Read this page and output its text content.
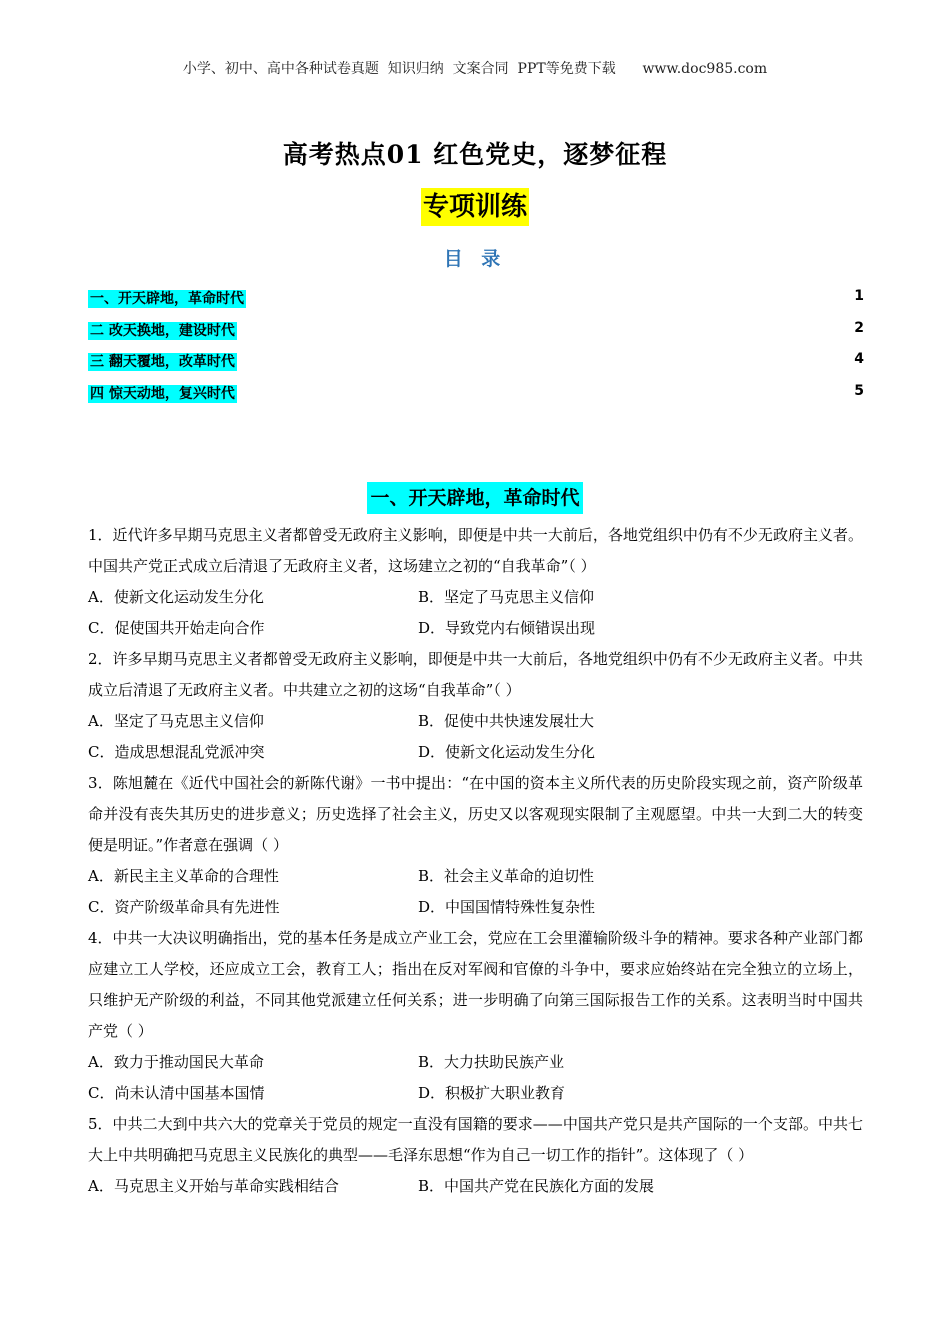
小学、初中、高中各种试卷真题  知识归纳  文案合同  PPT等免费下载      www.doc985.com
高考热点01 红色党史，逐梦征程
专项训练
目 录
一、开天辟地，革命时代	1
二 改天换地，建设时代	2
三 翻天覆地，改革时代	4
四 惊天动地，复兴时代	5
一、开天辟地，革命时代

1．近代许多早期马克思主义者都曾受无政府主义影响，即便是中共一大前后，各地党组织中仍有不少无政府主义者。中国共产党正式成立后清退了无政府主义者，这场建立之初的“自我革命”（ ）

A．使新文化运动发生分化	B．坚定了马克思主义信仰
C．促使国共开始走向合作	D．导致党内右倾错误出现

2．许多早期马克思主义者都曾受无政府主义影响，即便是中共一大前后，各地党组织中仍有不少无政府主义者。中共成立后清退了无政府主义者。中共建立之初的这场“自我革命”（ ）

A．坚定了马克思主义信仰	B．促使中共快速发展壮大
C．造成思想混乱党派冲突	D．使新文化运动发生分化

3．陈旭麓在《近代中国社会的新陈代谢》一书中提出：“在中国的资本主义所代表的历史阶段实现之前，资产阶级革命并没有丧失其历史的进步意义；历史选择了社会主义，历史又以客观现实限制了主观愿望。中共一大到二大的转变便是明证。”作者意在强调（ ）

A．新民主主义革命的合理性	B．社会主义革命的迫切性
C．资产阶级革命具有先进性	D．中国国情特殊性复杂性

4．中共一大决议明确指出，党的基本任务是成立产业工会，党应在工会里灌输阶级斗争的精神。要求各种产业部门都应建立工人学校，还应成立工会，教育工人；指出在反对军阀和官僚的斗争中，要求应始终站在完全独立的立场上，只维护无产阶级的利益，不同其他党派建立任何关系；进一步明确了向第三国际报告工作的关系。这表明当时中国共产党（ ）

A．致力于推动国民大革命	B．大力扶助民族产业
C．尚未认清中国基本国情	D．积极扩大职业教育

5．中共二大到中共六大的党章关于党员的规定一直没有国籍的要求——中国共产党只是共产国际的一个支部。中共七大上中共明确把马克思主义民族化的典型——毛泽东思想“作为自己一切工作的指针”。这体现了（ ）

A．马克思主义开始与革命实践相结合	B．中国共产党在民族化方面的发展
